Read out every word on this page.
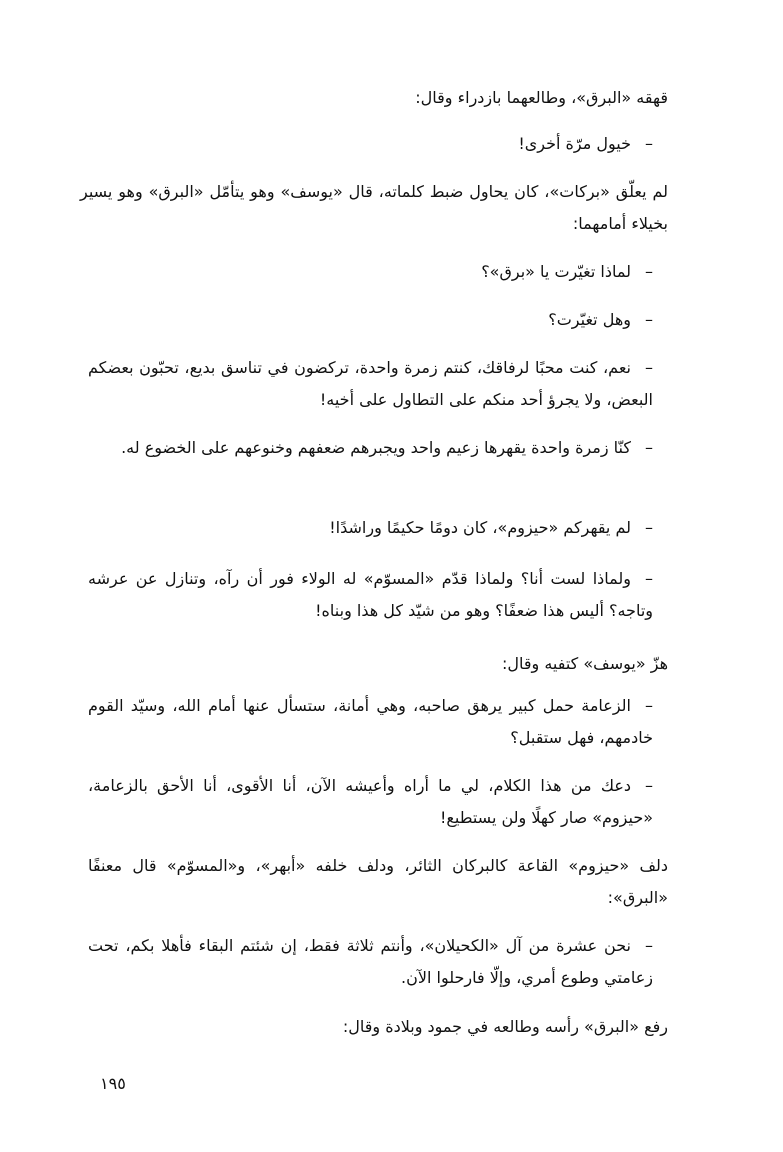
قهقه «البرق»، وطالعهما بازدراء وقال:
–خيول مرّة أخرى!
لم يعلّق «بركات»، كان يحاول ضبط كلماته، قال «يوسف» وهو يتأمّل «البرق» وهو يسير بخيلاء أمامهما:
–لماذا تغيّرت يا «برق»؟
–وهل تغيّرت؟
–نعم، كنت محبًا لرفاقك، كنتم زمرة واحدة، تركضون في تناسق بديع، تحبّون بعضكم البعض، ولا يجرؤ أحد منكم على التطاول على أخيه!
–كنّا زمرة واحدة يقهرها زعيم واحد ويجبرهم ضعفهم وخنوعهم على الخضوع له.
–لم يقهركم «حيزوم»، كان دومًا حكيمًا وراشدًا!
–ولماذا لست أنا؟ ولماذا قدّم «المسوّم» له الولاء فور أن رآه، وتنازل عن عرشه وتاجه؟ أليس هذا ضعفًا؟ وهو من شيّد كل هذا وبناه!
هزّ «يوسف» كتفيه وقال:
–الزعامة حمل كبير يرهق صاحبه، وهي أمانة، ستسأل عنها أمام الله، وسيّد القوم خادمهم، فهل ستقبل؟
–دعك من هذا الكلام، لي ما أراه وأعيشه الآن، أنا الأقوى، أنا الأحق بالزعامة، «حيزوم» صار كهلًا ولن يستطيع!
دلف «حيزوم» القاعة كالبركان الثائر، ودلف خلفه «أبهر»، و«المسوّم» قال معنفًا «البرق»:
–نحن عشرة من آل «الكحيلان»، وأنتم ثلاثة فقط، إن شئتم البقاء فأهلا بكم، تحت زعامتي وطوع أمري، وإلّا فارحلوا الآن.
رفع «البرق» رأسه وطالعه في جمود وبلادة وقال:
١٩٥
